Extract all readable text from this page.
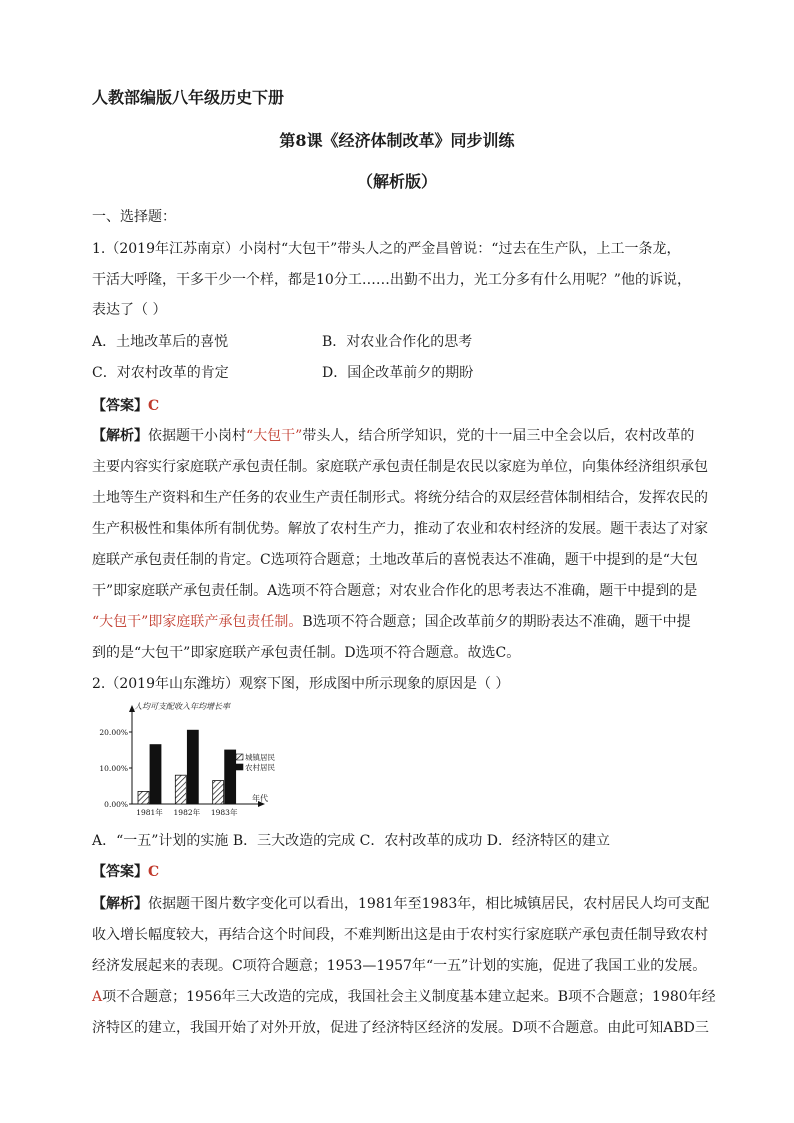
人教部编版八年级历史下册
第8课《经济体制改革》同步训练
（解析版）
一、选择题：
1.（2019年江苏南京）小岗村“大包干”带头人之的严金昌曾说：“过去在生产队，上工一条龙，
干活大呼隆，干多干少一个样，都是10分工……出勤不出力，光工分多有什么用呢？”他的诉说，
表达了（ ）
A．土地改革后的喜悦	B．对农业合作化的思考
C．对农村改革的肯定	D．国企改革前夕的期盼
【答案】C
【解析】依据题干小岗村“大包干”带头人，结合所学知识，党的十一届三中全会以后，农村改革的
主要内容实行家庭联产承包责任制。家庭联产承包责任制是农民以家庭为单位，向集体经济组织承包
土地等生产资料和生产任务的农业生产责任制形式。将统分结合的双层经营体制相结合，发挥农民的
生产积极性和集体所有制优势。解放了农村生产力，推动了农业和农村经济的发展。题干表达了对家
庭联产承包责任制的肯定。C选项符合题意；土地改革后的喜悦表达不准确，题干中提到的是“大包
干”即家庭联产承包责任制。A选项不符合题意；对农业合作化的思考表达不准确，题干中提到的是
“大包干”即家庭联产承包责任制。B选项不符合题意；国企改革前夕的期盼表达不准确，题干中提
到的是“大包干”即家庭联产承包责任制。D选项不符合题意。故选C。
2.（2019年山东潍坊）观察下图，形成图中所示现象的原因是（ ）
人均可支配收入年均增长率
0.00%
10.00%
20.00%
1981年 1982年 1983年
年代
城镇居民
农村居民
A．“一五”计划的实施 B．三大改造的完成 C．农村改革的成功 D．经济特区的建立
【答案】C
【解析】依据题干图片数字变化可以看出，1981年至1983年，相比城镇居民，农村居民人均可支配
收入增长幅度较大，再结合这个时间段，不难判断出这是由于农村实行家庭联产承包责任制导致农村
经济发展起来的表现。C项符合题意；1953—1957年“一五”计划的实施，促进了我国工业的发展。
A项不合题意；1956年三大改造的完成，我国社会主义制度基本建立起来。B项不合题意；1980年经
济特区的建立，我国开始了对外开放，促进了经济特区经济的发展。D项不合题意。由此可知ABD三
